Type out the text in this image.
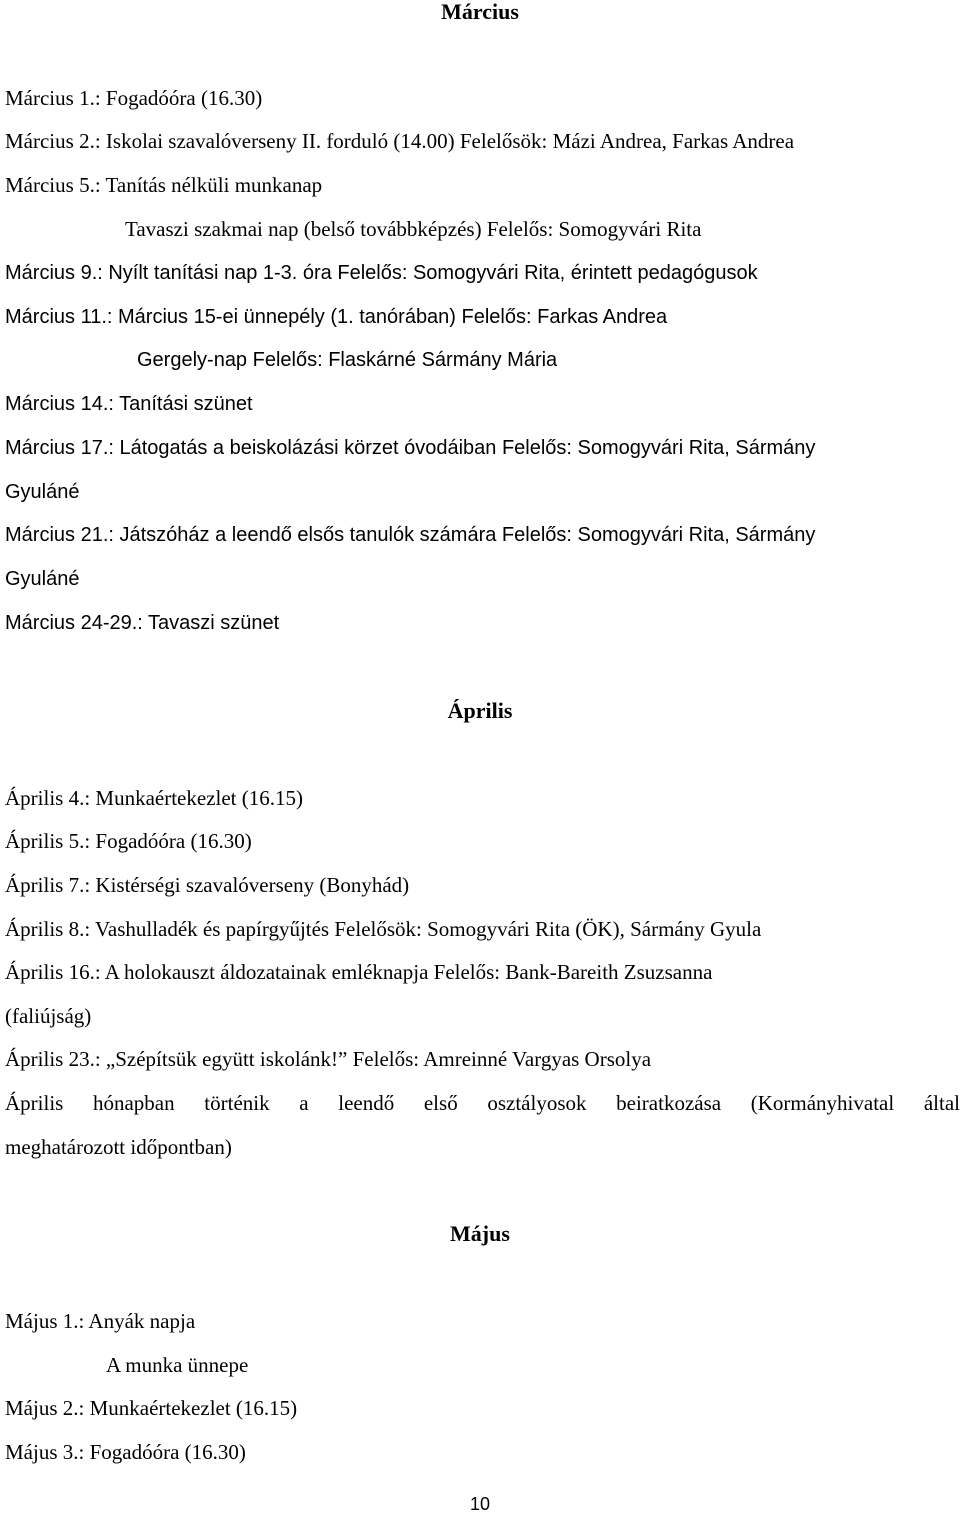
Március
Március 1.: Fogadóóra (16.30)
Március 2.: Iskolai szavalóverseny II. forduló (14.00) Felelősök: Mázi Andrea, Farkas Andrea
Március 5.: Tanítás nélküli munkanap
Tavaszi szakmai nap (belső továbbképzés) Felelős: Somogyvári Rita
Március 9.: Nyílt tanítási nap 1-3. óra Felelős: Somogyvári Rita, érintett pedagógusok
Március 11.: Március 15-ei ünnepély (1. tanórában) Felelős: Farkas Andrea
Gergely-nap Felelős: Flaskárné Sármány Mária
Március 14.: Tanítási szünet
Március 17.: Látogatás a beiskolázási körzet óvodáiban Felelős: Somogyvári Rita, Sármány
Gyuláné
Március 21.: Játszóház a leendő elsős tanulók számára Felelős: Somogyvári Rita, Sármány
Gyuláné
Március 24-29.: Tavaszi szünet
Április
Április 4.: Munkaértekezlet (16.15)
Április 5.: Fogadóóra (16.30)
Április 7.: Kistérségi szavalóverseny (Bonyhád)
Április 8.: Vashulladék és papírgyűjtés Felelősök: Somogyvári Rita (ÖK), Sármány Gyula
Április 16.: A holokauszt áldozatainak emléknapja Felelős: Bank-Bareith Zsuzsanna
(faliújság)
Április 23.: „Szépítsük együtt iskolánk!” Felelős: Amreinné Vargyas Orsolya
Április hónapban történik a leendő első osztályosok beiratkozása (Kormányhivatal által
meghatározott időpontban)
Május
Május 1.: Anyák napja
A munka ünnepe
Május 2.: Munkaértekezlet (16.15)
Május 3.: Fogadóóra (16.30)
10
